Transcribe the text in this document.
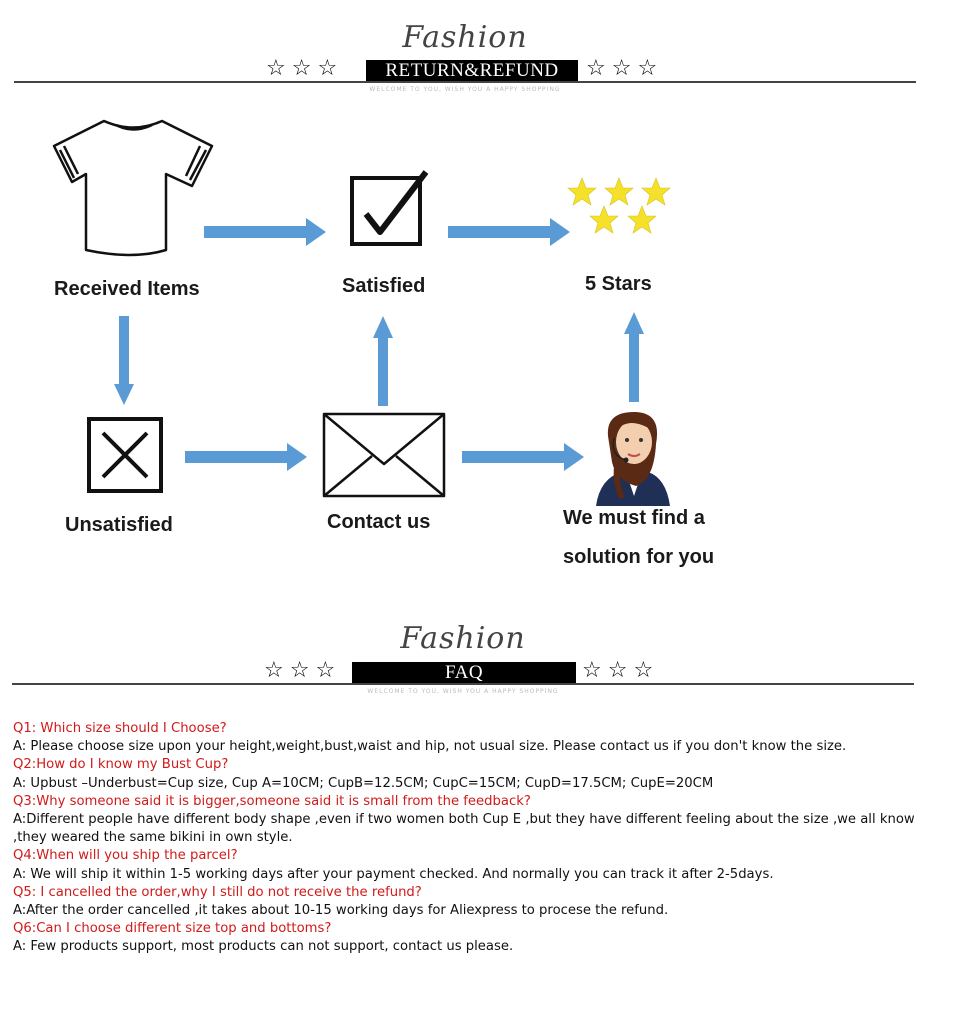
Fashion
☆☆☆	RETURN&REFUND	☆☆☆
WELCOME TO YOU, WISH YOU A HAPPY SHOPPING
Received Items	Satisfied	5 Stars
Unsatisfied	Contact us	We must find a
solution for you
Fashion
☆☆☆	FAQ	☆☆☆
WELCOME TO YOU, WISH YOU A HAPPY SHOPPING
Q1: Which size should I Choose?
A: Please choose size upon your height,weight,bust,waist and hip, not usual size. Please contact us if you don't know the size.
Q2:How do I know my Bust Cup?
A: Upbust –Underbust=Cup size, Cup A=10CM; CupB=12.5CM; CupC=15CM; CupD=17.5CM; CupE=20CM
Q3:Why someone said it is bigger,someone said it is small from the feedback?
A:Different people have different body shape ,even if two women both Cup E ,but they have different feeling about the size ,we all know ,they weared the same bikini in own style.
Q4:When will you ship the parcel?
A: We will ship it within 1-5 working days after your payment checked. And normally you can track it after 2-5days.
Q5: I cancelled the order,why I still do not receive the refund?
A:After the order cancelled ,it takes about 10-15 working days for Aliexpress to procese the refund.
Q6:Can I choose different size top and bottoms?
A: Few products support, most products can not support, contact us please.
